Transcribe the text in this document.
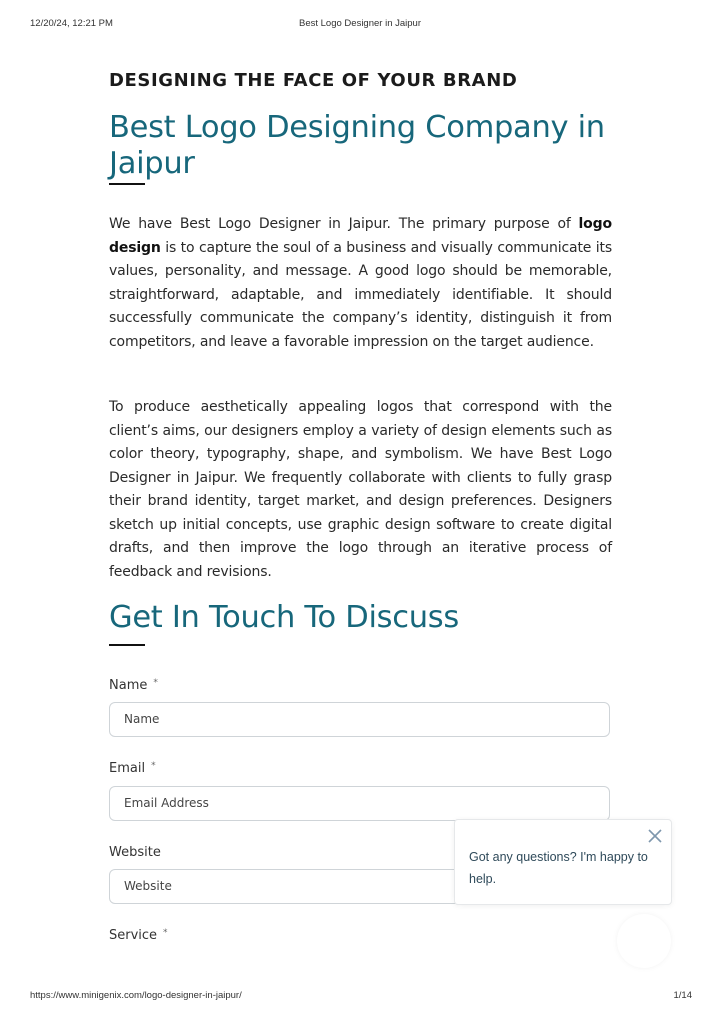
12/20/24, 12:21 PM	Best Logo Designer in Jaipur
DESIGNING THE FACE OF YOUR BRAND
Best Logo Designing Company in
Jaipur

We have Best Logo Designer in Jaipur. The primary purpose of logo design is to capture the soul of a business and visually communicate its values, personality, and message. A good logo should be memorable, straightforward, adaptable, and immediately identifiable. It should successfully communicate the company’s identity, distinguish it from competitors, and leave a favorable impression on the target audience.

To produce aesthetically appealing logos that correspond with the client’s aims, our designers employ a variety of design elements such as color theory, typography, shape, and symbolism. We have Best Logo Designer in Jaipur. We frequently collaborate with clients to fully grasp their brand identity, target market, and design preferences. Designers sketch up initial concepts, use graphic design software to create digital drafts, and then improve the logo through an iterative process of feedback and revisions.

Get In Touch To Discuss
Name *
Name
Email *
Email Address
Website
Website
Service *
Got any questions? I'm happy to help.
https://www.minigenix.com/logo-designer-in-jaipur/	1/14
